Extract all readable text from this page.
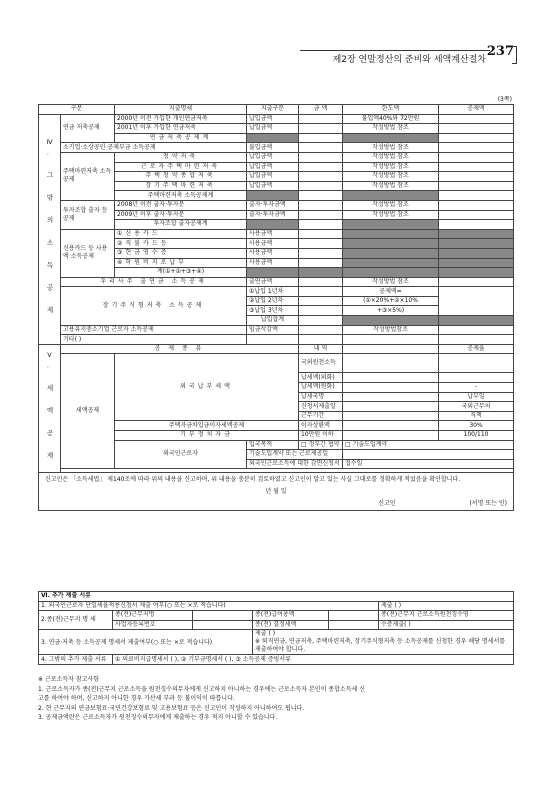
제2장 연말정산의 준비와 세액계산절차
237
(3쪽)
구분		지출명세	지출구분	금 액	한도액	공제액	
Ⅳ. 그 밖 의 소 득 공 제	연금 저축공제	2000년 이전 가입한 개인연금저축	납입금액		불입액40%와 72만원		
		2001년 이후 가입한 연금저축	납입금액		작성방법 참조		
		연금저축공제계					
	소기업·소상공인 공제부금 소득공제		불입금액		작성방법 참조		
	주택마련저축 소득공제	청약저축	납입금액		작성방법 참조		
		근로자주택마련저축	납입금액		작성방법 참조		
		주택청약종합저축	납입금액		작성방법 참조		
		장기주택마련저축	납입금액		작성방법 참조		
		주택마련저축 소득공제계					
	투자조합 출자 등 공제	2008년 이전 출자·투자분	출자·투자금액		작성방법 참조		
		2009년 이후 출자·투자분	출자·투자금액		작성방법 참조		
		투자조합 출자공제계					
	신용카드 등 사용액 소득공제	①신용카드	사용금액				
		②직불카드등	사용금액				
		③현금영수증	사용금액				
		④학원비지로납부	사용금액				
		계(①+②+③+④)					
	우리사주 출연금 소득공제		출연금액		작성방법 참조		
	장기주식형저축 소득공제		①납입 1년차		공제액=		
			②납입 2년차		(①×20%+②×10%		
			③납입 3년차		+③×5%)		
			납입합계				
	고용유지중소기업 근로자 소득공제		임금삭감액		작성방법참조		
	기타( )						
Ⅴ. 세 액 공 제	공 제 종 류			내 역		공제율	
	세액공제	외국납부세액		국외원천소득			
				납세액(외화)			
				납세액(원화)		-	
				납세국명		납부일	
				신청서제출일		국외근무처	
				근무기간		직책	
		주택자금차입금이자세액공제		이자상환액		30%	
		기부정치자금		10만원 이하		100/110	
		외국인근로자	입국목적	□ 정부간 협약	□ 기술도입계약	
			기술도입계약 또는 근로제공일		
			외국인근로소득에 대한 감면신청서		접수일	

신고인은 「소득세법」 제140조에 따라 위의 내용을 신고하며, 위 내용을 충분히 검토하였고 신고인이 알고 있는 사실 그대로를 정확하게 적었음을 확인합니다.
년 월 일
신고인 (서명 또는 인)							
Ⅵ. 추가 제출 서류					
1. 외국인근로자 단일세율적용신청서 제출 여부(○ 또는 ×로 적습니다)					제출 ( )
2.종(전)근무지 명 세	종(전)근무지명		종(전)급여총액		종(전)근무지 근로소득원천징수영
	사업자등록번호		종(전) 결정세액		수증제출( )
3. 연금·저축 등 소득공제 명세서 제출여부(○ 또는 ×로 적습니다)			제출 ( )
※ 퇴직연금, 연금저축, 주택마련저축, 장기주식형저축 등 소득공제를 신청한 경우 해당 명세서를 제출하여야 합니다.		

4. 그밖의 추가 제출 서류	① 의료비지급명세서 ( ), ② 기부금명세서 ( ), ③ 소득공제 증빙서류				
※ 근로소득자 참고사항
1. 근로소득자가 종(전)근무지 근로소득을 원천징수의무자에게 신고하지 아니하는 경우에는 근로소득자 본인이 종합소득세 신
고를 하여야 하며, 신고하지 아니한 경우 가산세 부과 등 불이익이 따릅니다.
2. 현 근무지의 연금보험료·국민건강보험료 및 고용보험료 등은 신고인이 작성하지 아니하여도 됩니다.
3. 공제금액란은 근로소득자가 원천징수의무자에게 제출하는 경우 적지 아니할 수 있습니다.
